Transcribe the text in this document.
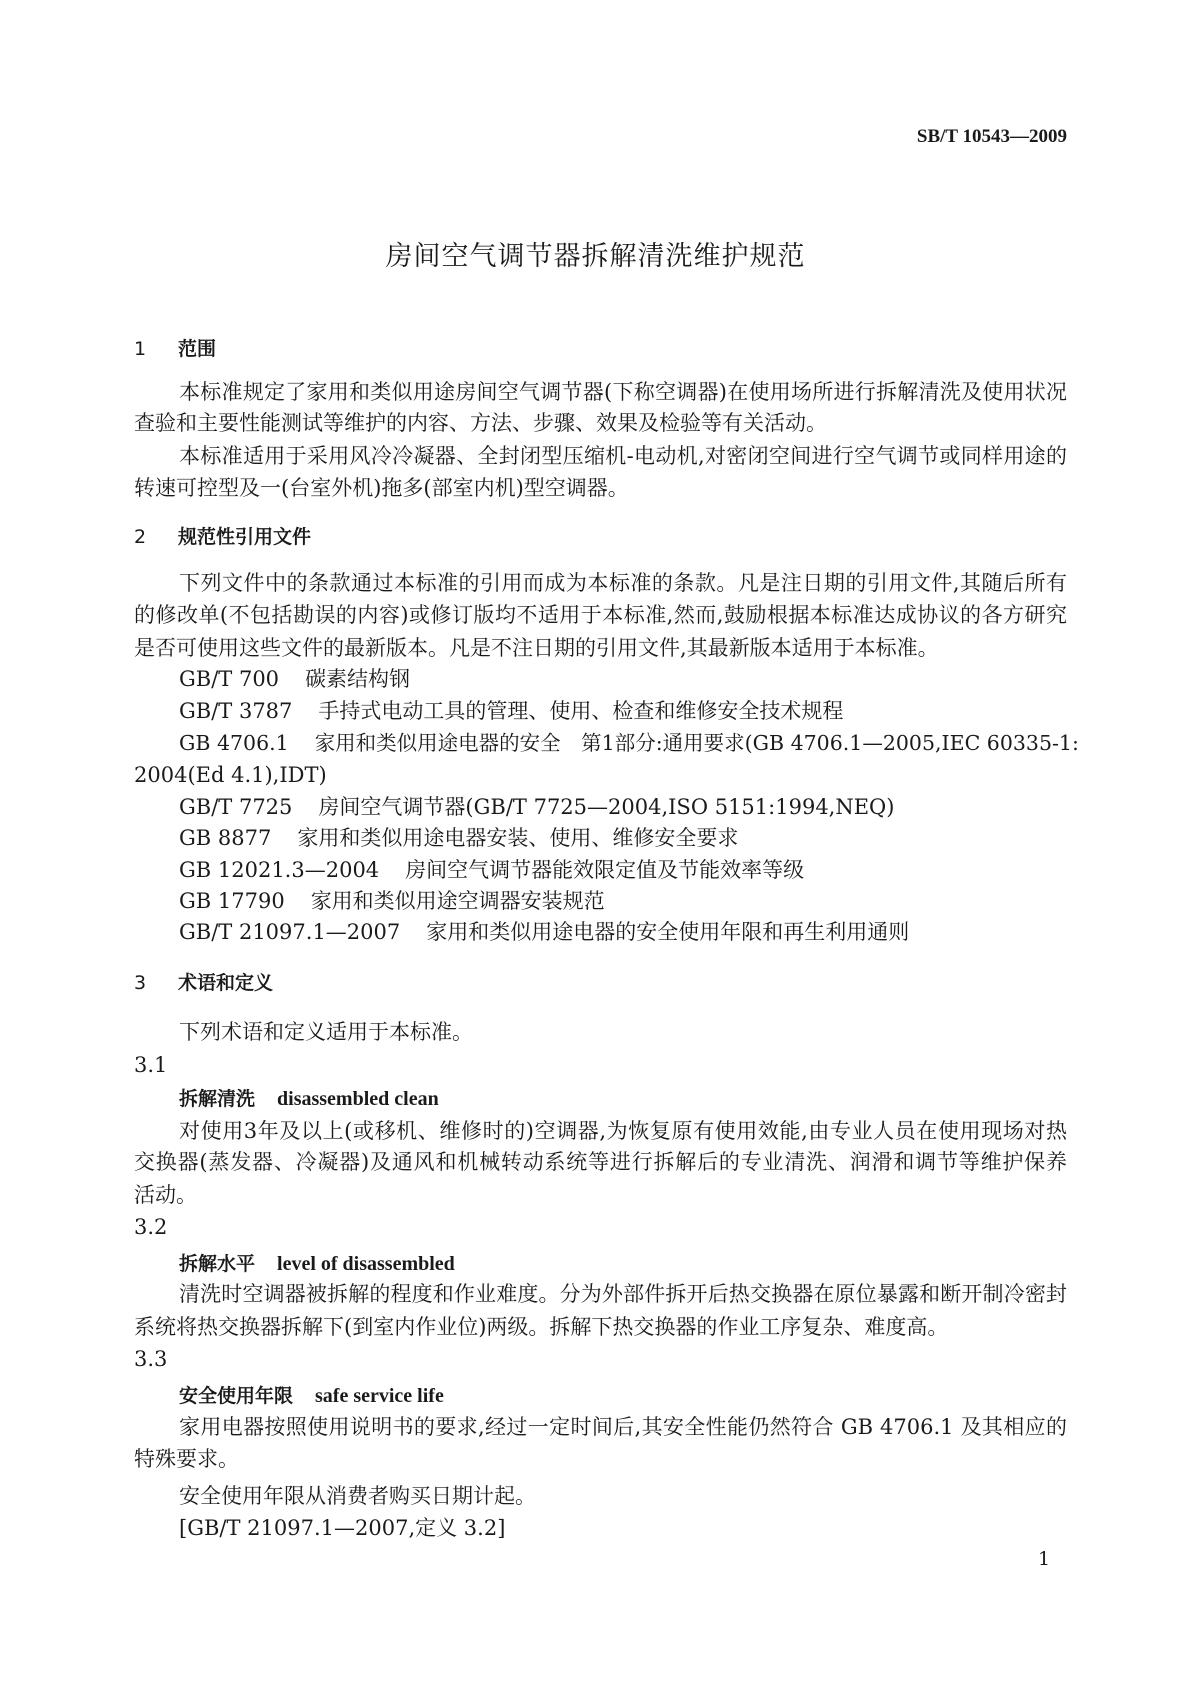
SB/T 10543—2009
房间空气调节器拆解清洗维护规范
1 范围
本标准规定了家用和类似用途房间空气调节器(下称空调器)在使用场所进行拆解清洗及使用状况
查验和主要性能测试等维护的内容、方法、步骤、效果及检验等有关活动。
本标准适用于采用风冷冷凝器、全封闭型压缩机-电动机,对密闭空间进行空气调节或同样用途的
转速可控型及一(台室外机)拖多(部室内机)型空调器。
2 规范性引用文件
下列文件中的条款通过本标准的引用而成为本标准的条款。凡是注日期的引用文件,其随后所有
的修改单(不包括勘误的内容)或修订版均不适用于本标准,然而,鼓励根据本标准达成协议的各方研究
是否可使用这些文件的最新版本。凡是不注日期的引用文件,其最新版本适用于本标准。
GB/T 700 碳素结构钢
GB/T 3787 手持式电动工具的管理、使用、检查和维修安全技术规程
GB 4706.1 家用和类似用途电器的安全　第1部分:通用要求(GB 4706.1—2005,IEC 60335-1:
2004(Ed 4.1),IDT)
GB/T 7725 房间空气调节器(GB/T 7725—2004,ISO 5151:1994,NEQ)
GB 8877 家用和类似用途电器安装、使用、维修安全要求
GB 12021.3—2004 房间空气调节器能效限定值及节能效率等级
GB 17790 家用和类似用途空调器安装规范
GB/T 21097.1—2007 家用和类似用途电器的安全使用年限和再生利用通则
3 术语和定义
下列术语和定义适用于本标准。
3.1
拆解清洗 disassembled clean
对使用3年及以上(或移机、维修时的)空调器,为恢复原有使用效能,由专业人员在使用现场对热
交换器(蒸发器、冷凝器)及通风和机械转动系统等进行拆解后的专业清洗、润滑和调节等维护保养
活动。
3.2
拆解水平 level of disassembled
清洗时空调器被拆解的程度和作业难度。分为外部件拆开后热交换器在原位暴露和断开制冷密封
系统将热交换器拆解下(到室内作业位)两级。拆解下热交换器的作业工序复杂、难度高。
3.3
安全使用年限 safe service life
家用电器按照使用说明书的要求,经过一定时间后,其安全性能仍然符合 GB 4706.1 及其相应的
特殊要求。
安全使用年限从消费者购买日期计起。
[GB/T 21097.1—2007,定义 3.2]
1
